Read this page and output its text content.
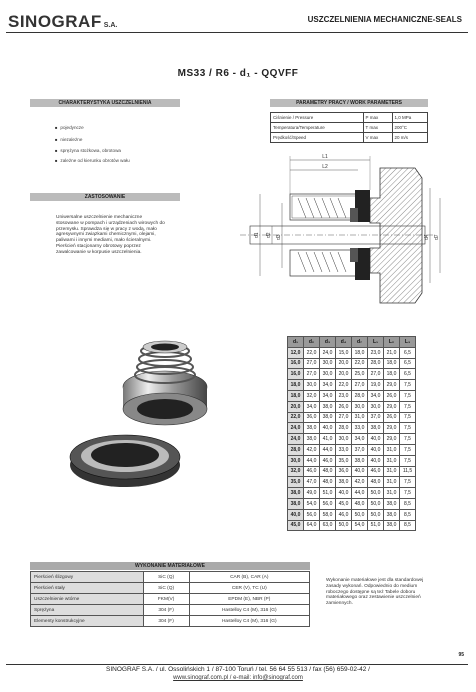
SINOGRAF S.A.
USZCZELNIENIA MECHANICZNE-SEALS
MS33 / R6 - d₁ - QQVFF
CHARAKTERYSTYKA USZCZELNIENIA
■ pojedyncze
■ niezależne
■ sprężyna stożkowa, obrotowa
■ zależne od kierunku obrotów wału
PARAMETRY PRACY / WORK PARAMETERS
Ciśnienie / Pressure	P max	1,0 MPa
Temperatura/Temperature	T max	200°C
Prędkość/Speed	V max	20 m/s
ZASTOSOWANIE
Uniwersalne uszczelnienie mechaniczne stosowane w pompach i urządzeniach wirowych do przemysłu. Sprawdza się w pracy z wodą, mało agresywnymi związkami chemicznymi, olejami, paliwami i innymi mediami, mało ścieralnymi. Pierścień stacjonarny obrotowy poprzez zawalcowanie w korpusie uszczelnienia.
L1
L2
d1 d2 d3	d4 d7
d₁	d₂	d₃	d₄	d₇	L₁	L₂	L₃
12,0	22,0	24,0	15,0	18,0	23,0	21,0	6,5
16,0	27,0	30,0	20,0	22,0	28,0	18,0	6,5
16,0	27,0	30,0	20,0	25,0	27,0	18,0	6,5
18,0	30,0	34,0	22,0	27,0	19,0	29,0	7,5
18,0	32,0	34,0	23,0	28,0	34,0	26,0	7,5
20,0	34,0	38,0	26,0	30,0	30,0	29,0	7,5
22,0	36,0	38,0	27,0	31,0	37,0	26,0	7,5
24,0	38,0	40,0	28,0	33,0	38,0	29,0	7,5
24,0	38,0	41,0	30,0	34,0	40,0	29,0	7,5
28,0	42,0	44,0	33,0	37,0	40,0	31,0	7,5
30,0	44,0	46,0	35,0	38,0	40,0	31,0	7,5
32,0	46,0	48,0	36,0	40,0	46,0	31,0	11,5
35,0	47,0	48,0	38,0	42,0	48,0	31,0	7,5
38,0	49,0	51,0	40,0	44,0	50,0	31,0	7,5
38,0	54,0	56,0	45,0	48,0	50,0	38,0	8,5
40,0	56,0	58,0	46,0	50,0	50,0	38,0	8,5
45,0	64,0	63,0	50,0	54,0	51,0	38,0	8,5
WYKONANIE MATERIAŁOWE
Pierścień ślizgowy	SiC (Q)	CAR (B), CAR (A)
Pierścień stały	SiC (Q)	CER (V), TC (U)
Uszczelnienie wtórne	FKM(V)	EPDM (E), NBR (P)
Sprężyna	304 (F)	Hastelloy C4 (M), 316 (G)
Elementy konstrukcyjne	304 (F)	Hastelloy C4 (M), 316 (G)
Wykonanie materiałowe jest dla standardowej zasady wykonań. Odpowiednio do medium roboczego dostępne są też Tabele doboru materiałowego oraz zestawienie uszczelnień zamiennych.
95
SINOGRAF S.A. / ul. Ossolińskich 1 / 87-100 Toruń / tel. 56 64 55 513 / fax (56) 659-02-42 /
www.sinograf.com.pl / e-mail: info@sinograf.com
